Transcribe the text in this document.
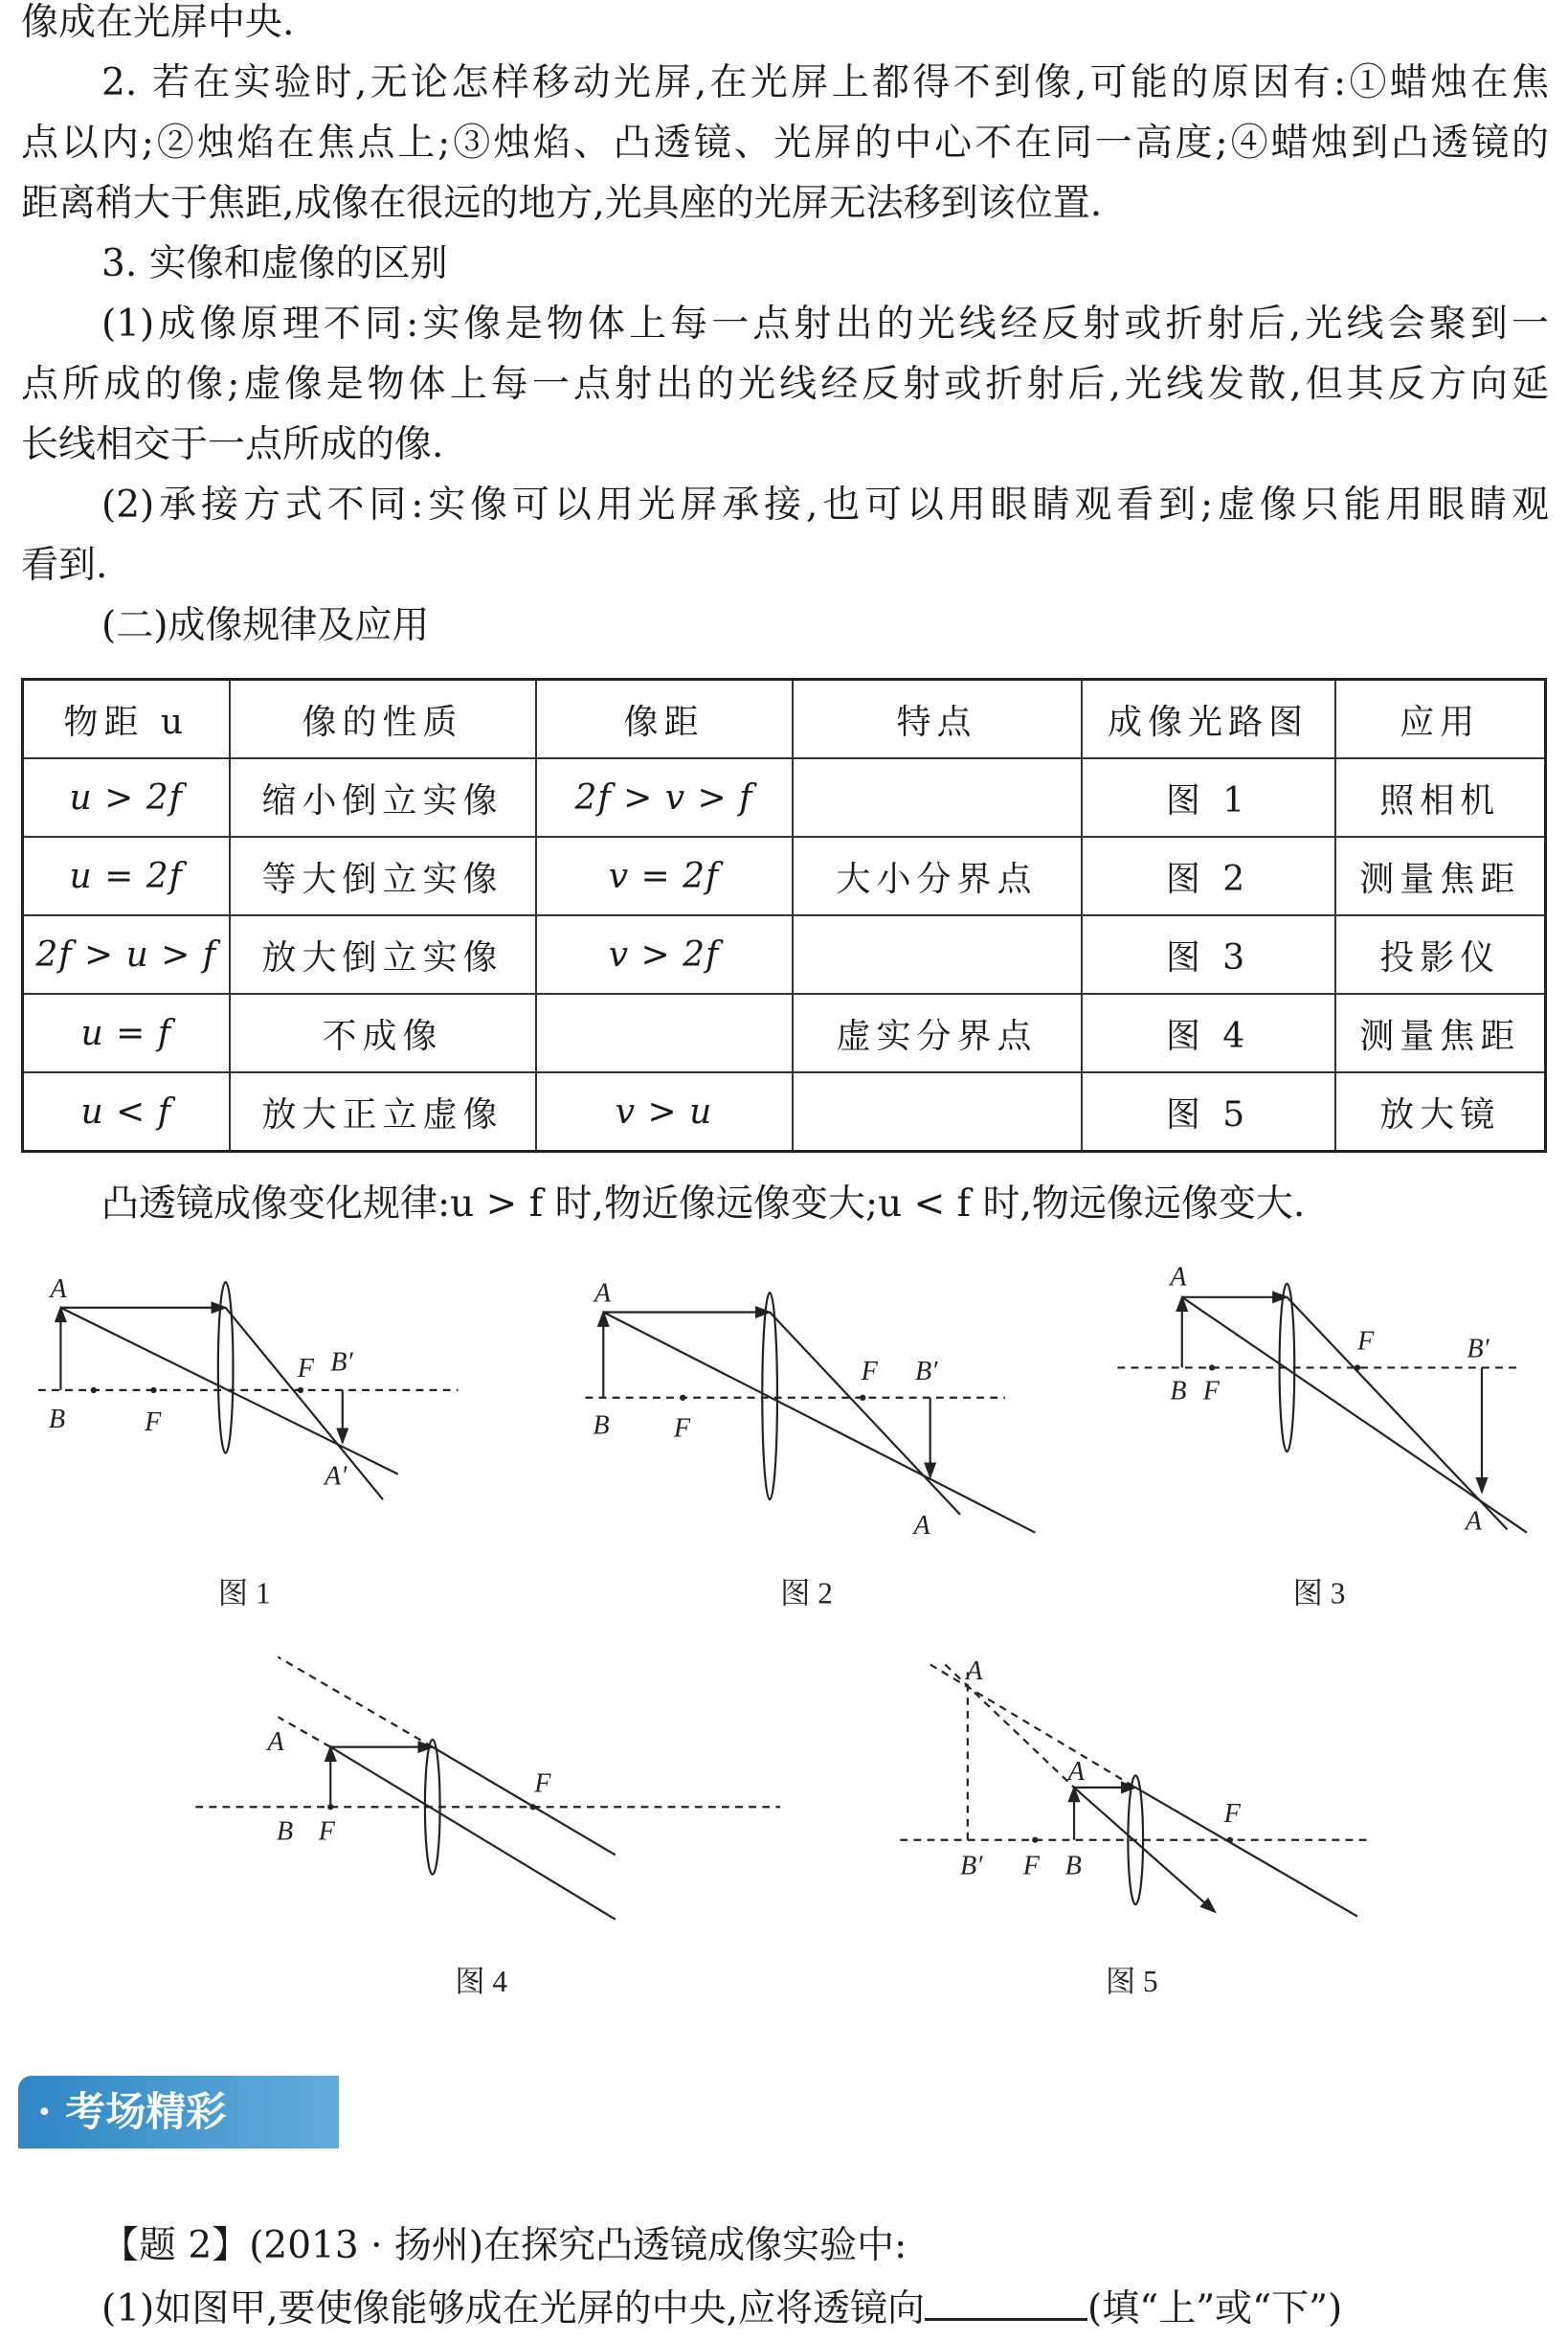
像成在光屏中央.
2. 若在实验时,无论怎样移动光屏,在光屏上都得不到像,可能的原因有:①蜡烛在焦
点以内;②烛焰在焦点上;③烛焰、凸透镜、光屏的中心不在同一高度;④蜡烛到凸透镜的
距离稍大于焦距,成像在很远的地方,光具座的光屏无法移到该位置.
3. 实像和虚像的区别
(1)成像原理不同:实像是物体上每一点射出的光线经反射或折射后,光线会聚到一
点所成的像;虚像是物体上每一点射出的光线经反射或折射后,光线发散,但其反方向延
长线相交于一点所成的像.
(2)承接方式不同:实像可以用光屏承接,也可以用眼睛观看到;虚像只能用眼睛观
看到.
(二)成像规律及应用
物距 u	像的性质	像距	特点	成像光路图	应用
u > 2f	缩小倒立实像	2f > v > f		图 1	照相机
u = 2f	等大倒立实像	v = 2f	大小分界点	图 2	测量焦距
2f > u > f	放大倒立实像	v > 2f		图 3	投影仪
u = f	不成像		虚实分界点	图 4	测量焦距
u < f	放大正立虚像	v > u		图 5	放大镜
凸透镜成像变化规律:u > f 时,物近像远像变大;u < f 时,物远像远像变大.
A
B	F
F B′
A′
A
B	F
F B′
A
A
B F
F	B′
A
A
B F
F
A
A
B′ F B
F
图 1	图 2	图 3
图 4	图 5
· 考场精彩
【题 2】(2013 · 扬州)在探究凸透镜成像实验中:
(1)如图甲,要使像能够成在光屏的中央,应将透镜向	(填“上”或“下”)
